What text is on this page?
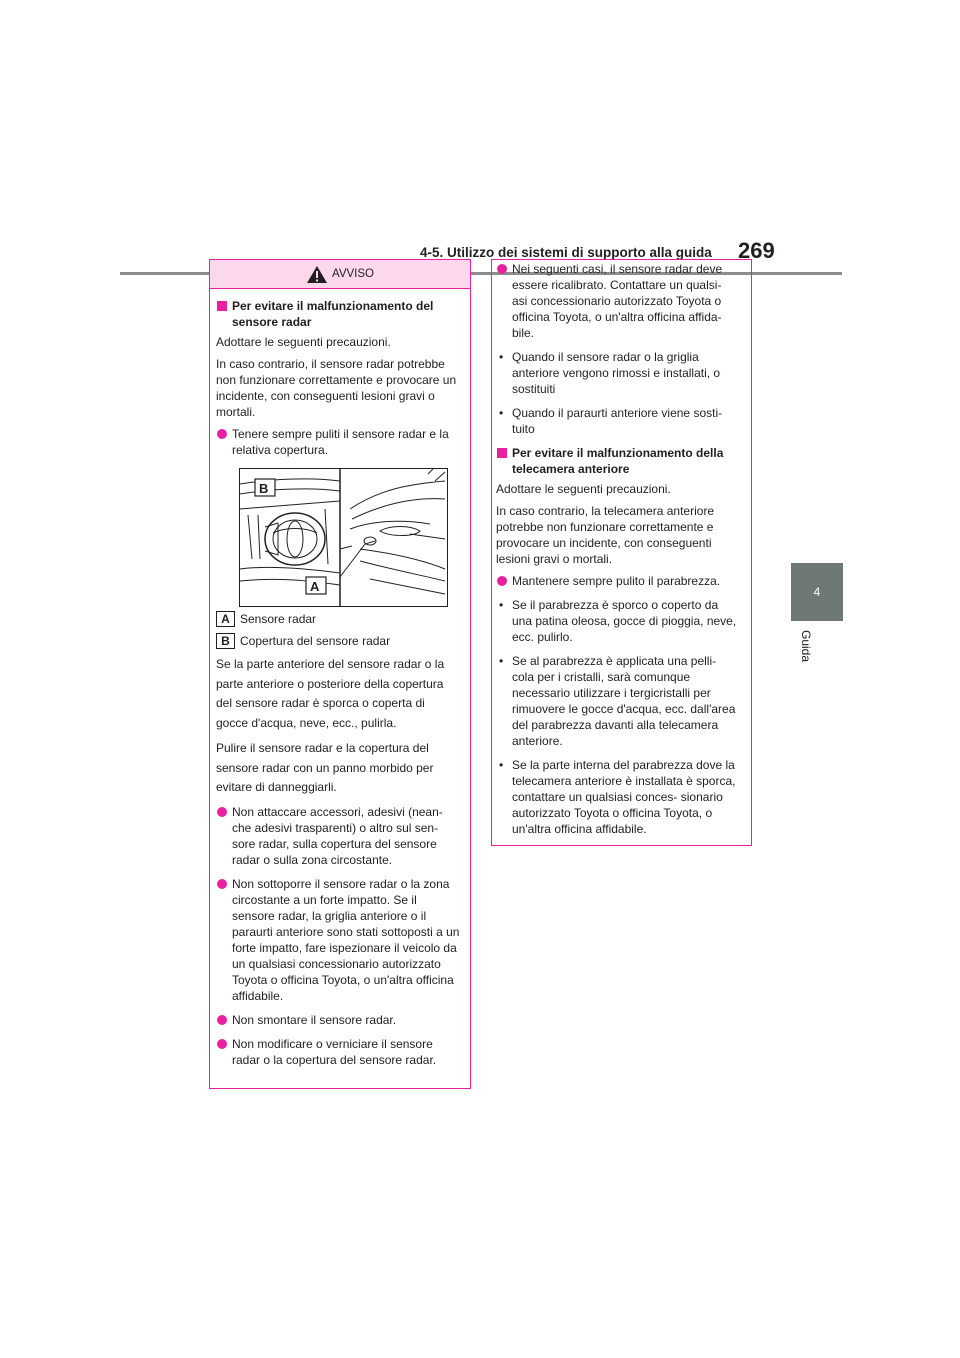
4-5. Utilizzo dei sistemi di supporto alla guida 269
4
Guida
AVVISO
Per evitare il malfunzionamento del sensore radar

Adottare le seguenti precauzioni.

In caso contrario, il sensore radar potrebbe non funzionare correttamente e provocare un incidente, con conseguenti lesioni gravi o mortali.

Tenere sempre puliti il sensore radar e la relativa copertura.
B
A
A Sensore radar
B Copertura del sensore radar

Se la parte anteriore del sensore radar o la parte anteriore o posteriore della copertura del sensore radar è sporca o coperta di gocce d'acqua, neve, ecc., pulirla.

Pulire il sensore radar e la copertura del sensore radar con un panno morbido per evitare di danneggiarli.

Non attaccare accessori, adesivi (nean- che adesivi trasparenti) o altro sul sen- sore radar, sulla copertura del sensore radar o sulla zona circostante.
Non sottoporre il sensore radar o la zona circostante a un forte impatto. Se il sensore radar, la griglia anteriore o il paraurti anteriore sono stati sottoposti a un forte impatto, fare ispezionare il veicolo da un qualsiasi concessionario autorizzato Toyota o officina Toyota, o un'altra officina affidabile.
Non smontare il sensore radar.
Non modificare o verniciare il sensore radar o la copertura del sensore radar.
Nei seguenti casi, il sensore radar deve essere ricalibrato. Contattare un qualsi- asi concessionario autorizzato Toyota o officina Toyota, o un'altra officina affida- bile.
• Quando il sensore radar o la griglia anteriore vengono rimossi e installati, o sostituiti
• Quando il paraurti anteriore viene sosti- tuito
Per evitare il malfunzionamento della telecamera anteriore

Adottare le seguenti precauzioni.

In caso contrario, la telecamera anteriore potrebbe non funzionare correttamente e provocare un incidente, con conseguenti lesioni gravi o mortali.

Mantenere sempre pulito il parabrezza.
• Se il parabrezza è sporco o coperto da una patina oleosa, gocce di pioggia, neve, ecc. pulirlo.
• Se al parabrezza è applicata una pelli- cola per i cristalli, sarà comunque necessario utilizzare i tergicristalli per rimuovere le gocce d'acqua, ecc. dall'area del parabrezza davanti alla telecamera anteriore.
• Se la parte interna del parabrezza dove la telecamera anteriore è installata è sporca, contattare un qualsiasi conces- sionario autorizzato Toyota o officina Toyota, o un'altra officina affidabile.
